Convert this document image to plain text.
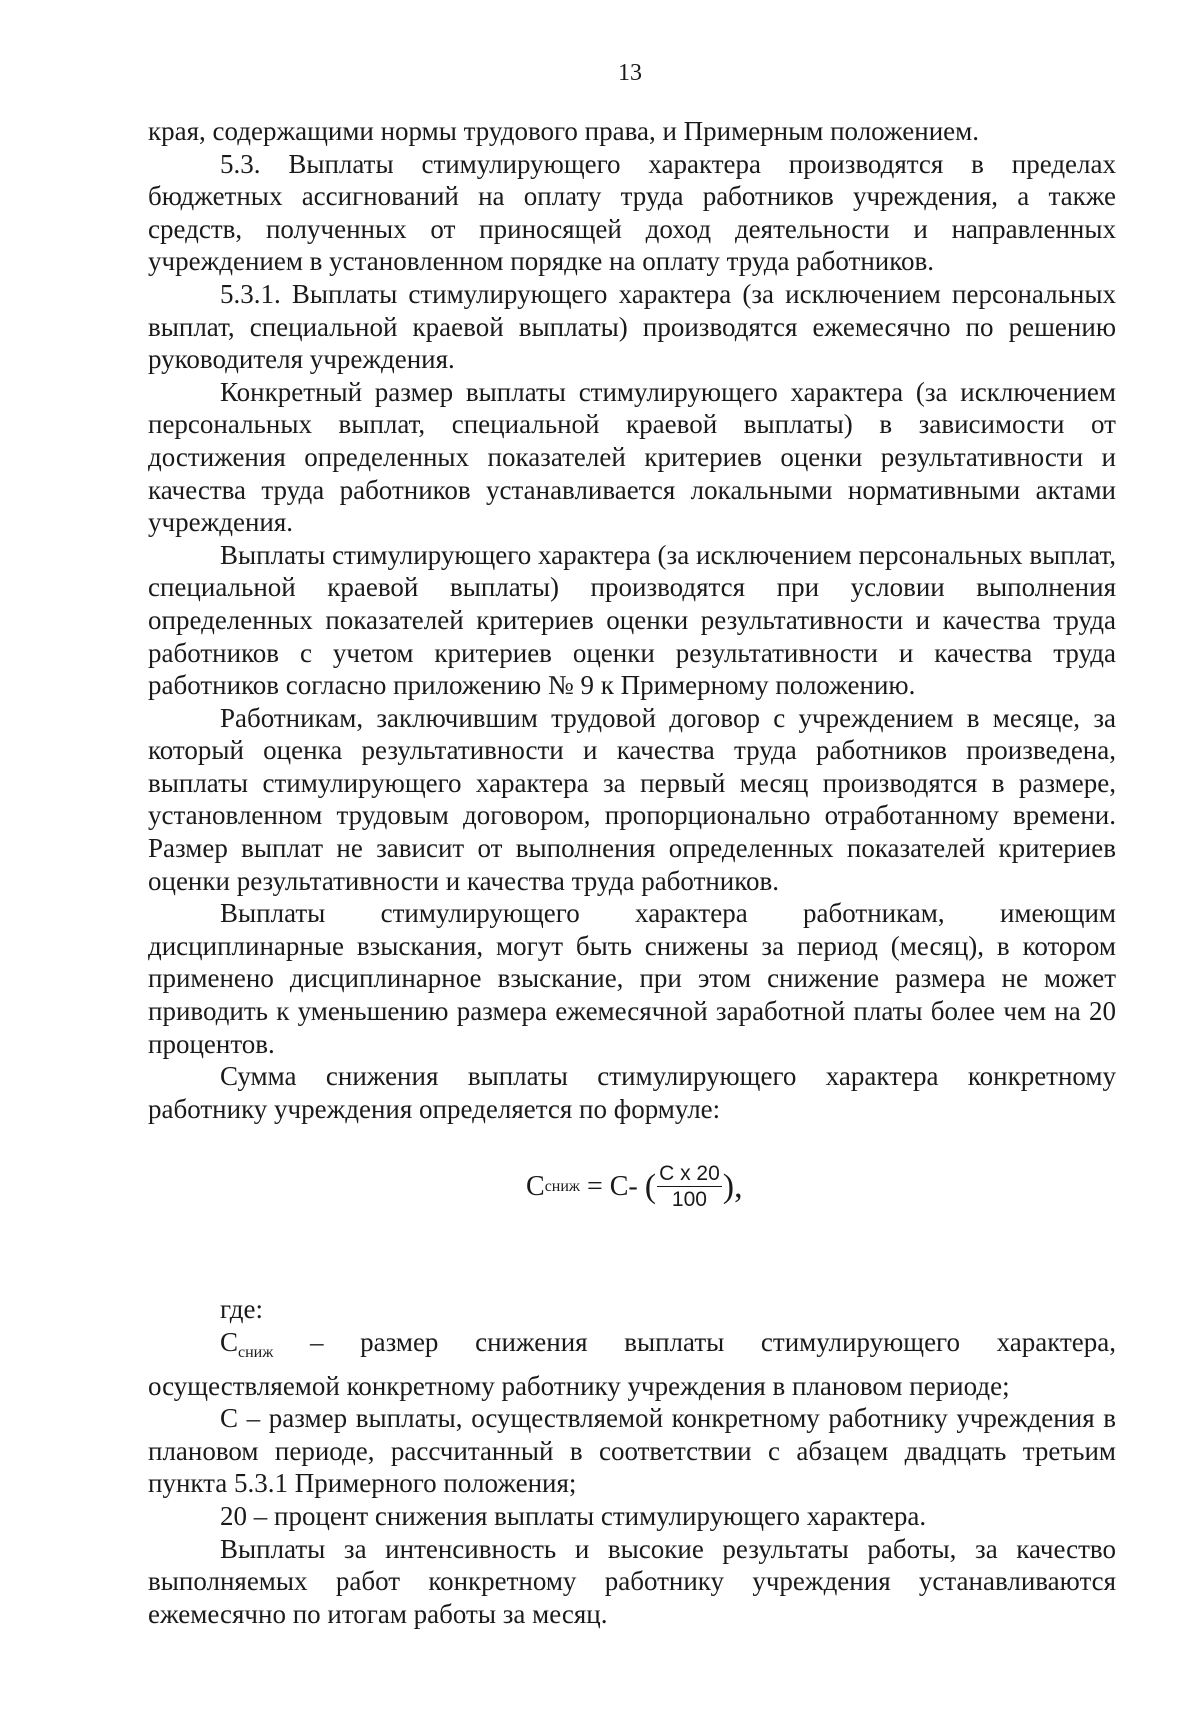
13

края, содержащими нормы трудового права, и Примерным положением.

5.3. Выплаты стимулирующего характера производятся в пределах бюджетных ассигнований на оплату труда работников учреждения, а также средств, полученных от приносящей доход деятельности и направленных учреждением в установленном порядке на оплату труда работников.

5.3.1. Выплаты стимулирующего характера (за исключением персональных выплат, специальной краевой выплаты) производятся ежемесячно по решению руководителя учреждения.

Конкретный размер выплаты стимулирующего характера (за исключением персональных выплат, специальной краевой выплаты) в зависимости от достижения определенных показателей критериев оценки результативности и качества труда работников устанавливается локальными нормативными актами учреждения.

Выплаты стимулирующего характера (за исключением персональных выплат, специальной краевой выплаты) производятся при условии выполнения определенных показателей критериев оценки результативности и качества труда работников с учетом критериев оценки результативности и качества труда работников согласно приложению № 9 к Примерному положению.

Работникам, заключившим трудовой договор с учреждением в месяце, за который оценка результативности и качества труда работников произведена, выплаты стимулирующего характера за первый месяц производятся в размере, установленном трудовым договором, пропорционально отработанному времени. Размер выплат не зависит от выполнения определенных показателей критериев оценки результативности и качества труда работников.

Выплаты стимулирующего характера работникам, имеющим дисциплинарные взыскания, могут быть снижены за период (месяц), в котором применено дисциплинарное взыскание, при этом снижение размера не может приводить к уменьшению размера ежемесячной заработной платы более чем на 20 процентов.

Сумма снижения выплаты стимулирующего характера конкретному работнику учреждения определяется по формуле:

С сниж = С- ( $\frac{\text{С х 20}}{100}$ ),

где:

$С_{сниж}$ – размер снижения выплаты стимулирующего характера, осуществляемой конкретному работнику учреждения в плановом периоде;

С – размер выплаты, осуществляемой конкретному работнику учреждения в плановом периоде, рассчитанный в соответствии с абзацем двадцать третьим пункта 5.3.1 Примерного положения;

20 – процент снижения выплаты стимулирующего характера.

Выплаты за интенсивность и высокие результаты работы, за качество выполняемых работ конкретному работнику учреждения устанавливаются ежемесячно по итогам работы за месяц.
